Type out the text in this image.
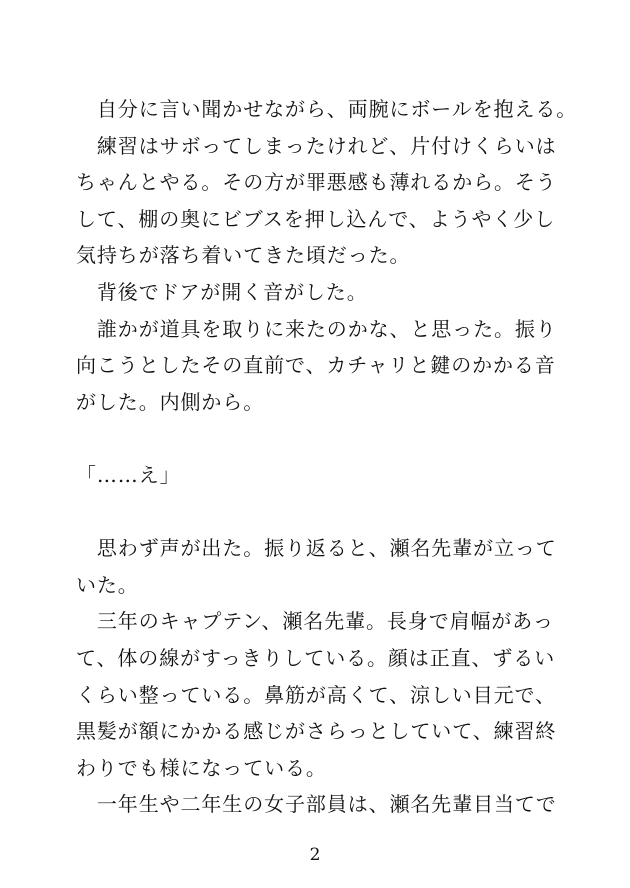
　自分に言い聞かせながら、両腕にボールを抱える。
　練習はサボってしまったけれど、片付けくらいは
ちゃんとやる。その方が罪悪感も薄れるから。そう
して、棚の奥にビブスを押し込んで、ようやく少し
気持ちが落ち着いてきた頃だった。
　背後でドアが開く音がした。
　誰かが道具を取りに来たのかな、と思った。振り
向こうとしたその直前で、カチャリと鍵のかかる音
がした。内側から。
「……え」
　思わず声が出た。振り返ると、瀬名先輩が立って
いた。
　三年のキャプテン、瀬名先輩。長身で肩幅があっ
て、体の線がすっきりしている。顔は正直、ずるい
くらい整っている。鼻筋が高くて、涼しい目元で、
黒髪が額にかかる感じがさらっとしていて、練習終
わりでも様になっている。
　一年生や二年生の女子部員は、瀬名先輩目当てで
2
